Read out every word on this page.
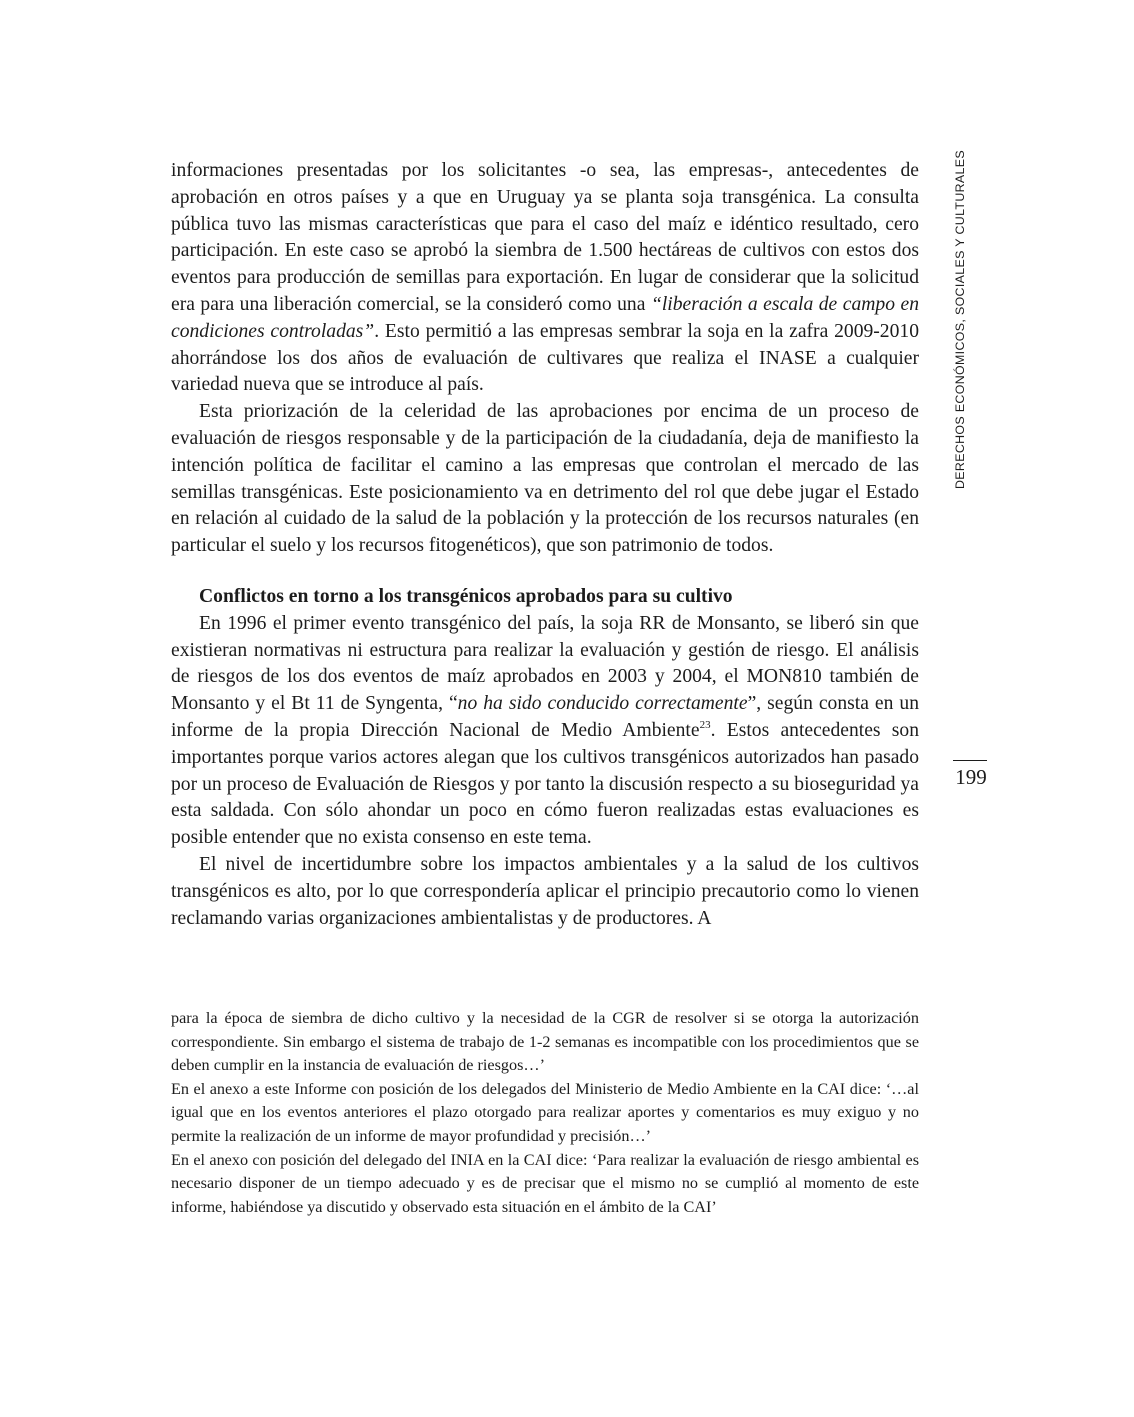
informaciones presentadas por los solicitantes -o sea, las empresas-, antecedentes de aprobación en otros países y a que en Uruguay ya se planta soja transgénica. La consulta pública tuvo las mismas características que para el caso del maíz e idéntico resultado, cero participación. En este caso se aprobó la siembra de 1.500 hectáreas de cultivos con estos dos eventos para producción de semillas para exportación. En lugar de considerar que la solicitud era para una liberación comercial, se la consideró como una “liberación a escala de campo en condiciones controladas”. Esto permitió a las empresas sembrar la soja en la zafra 2009-2010 ahorrándose los dos años de evaluación de cultivares que realiza el INASE a cualquier variedad nueva que se introduce al país.

Esta priorización de la celeridad de las aprobaciones por encima de un proceso de evaluación de riesgos responsable y de la participación de la ciudadanía, deja de manifiesto la intención política de facilitar el camino a las empresas que controlan el mercado de las semillas transgénicas. Este posicionamiento va en detrimento del rol que debe jugar el Estado en relación al cuidado de la salud de la población y la protección de los recursos naturales (en particular el suelo y los recursos fitogenéticos), que son patrimonio de todos.

Conflictos en torno a los transgénicos aprobados para su cultivo

En 1996 el primer evento transgénico del país, la soja RR de Monsanto, se liberó sin que existieran normativas ni estructura para realizar la evaluación y gestión de riesgo. El análisis de riesgos de los dos eventos de maíz aprobados en 2003 y 2004, el MON810 también de Monsanto y el Bt 11 de Syngenta, “no ha sido conducido correctamente”, según consta en un informe de la propia Dirección Nacional de Medio Ambiente$^{23}$. Estos antecedentes son importantes porque varios actores alegan que los cultivos transgénicos autorizados han pasado por un proceso de Evaluación de Riesgos y por tanto la discusión respecto a su bioseguridad ya esta saldada. Con sólo ahondar un poco en cómo fueron realizadas estas evaluaciones es posible entender que no exista consenso en este tema.

El nivel de incertidumbre sobre los impactos ambientales y a la salud de los cultivos transgénicos es alto, por lo que correspondería aplicar el principio precautorio como lo vienen reclamando varias organizaciones ambientalistas y de productores. A

para la época de siembra de dicho cultivo y la necesidad de la CGR de resolver si se otorga la autorización correspondiente. Sin embargo el sistema de trabajo de 1-2 semanas es incompatible con los procedimientos que se deben cumplir en la instancia de evaluación de riesgos…’

En el anexo a este Informe con posición de los delegados del Ministerio de Medio Ambiente en la CAI dice: ‘…al igual que en los eventos anteriores el plazo otorgado para realizar aportes y comentarios es muy exiguo y no permite la realización de un informe de mayor profundidad y precisión…’

En el anexo con posición del delegado del INIA en la CAI dice: ‘Para realizar la evaluación de riesgo ambiental es necesario disponer de un tiempo adecuado y es de precisar que el mismo no se cumplió al momento de este informe, habiéndose ya discutido y observado esta situación en el ámbito de la CAI’

DERECHOS ECONÓMICOS, SOCIALES Y CULTURALES
199
